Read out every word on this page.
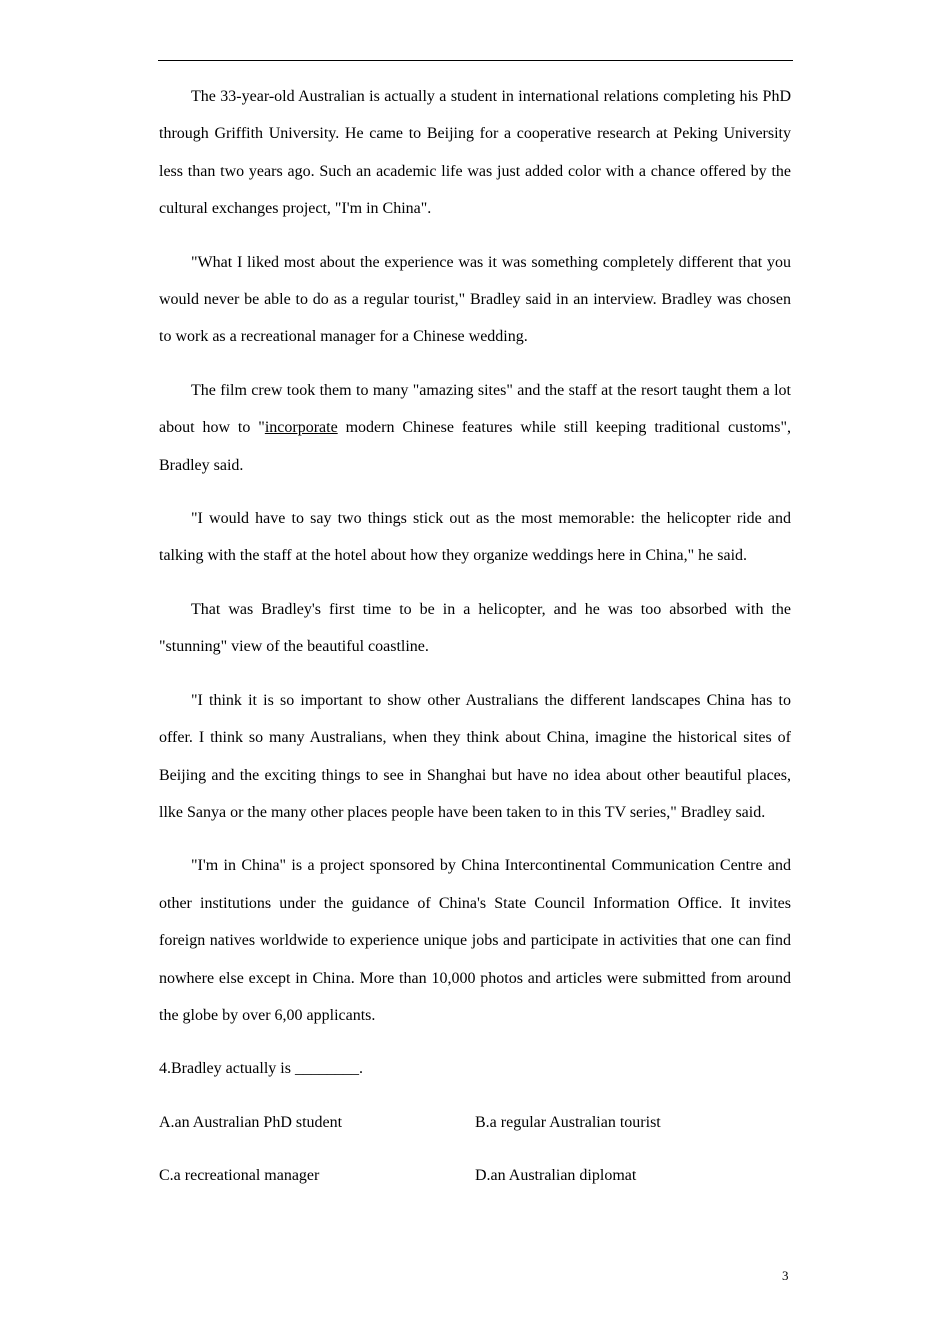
The 33-year-old Australian is actually a student in international relations completing his PhD through Griffith University. He came to Beijing for a cooperative research at Peking University less than two years ago. Such an academic life was just added color with a chance offered by the cultural exchanges project, "I'm in China".

"What I liked most about the experience was it was something completely different that you would never be able to do as a regular tourist," Bradley said in an interview. Bradley was chosen to work as a recreational manager for a Chinese wedding.

The film crew took them to many "amazing sites" and the staff at the resort taught them a lot about how to "incorporate modern Chinese features while still keeping traditional customs", Bradley said.

"I would have to say two things stick out as the most memorable: the helicopter ride and talking with the staff at the hotel about how they organize weddings here in China," he said.

That was Bradley's first time to be in a helicopter, and he was too absorbed with the "stunning" view of the beautiful coastline.

"I think it is so important to show other Australians the different landscapes China has to offer. I think so many Australians, when they think about China, imagine the historical sites of Beijing and the exciting things to see in Shanghai but have no idea about other beautiful places, llke Sanya or the many other places people have been taken to in this TV series," Bradley said.

"I'm in China" is a project sponsored by China Intercontinental Communication Centre and other institutions under the guidance of China's State Council Information Office. It invites foreign natives worldwide to experience unique jobs and participate in activities that one can find nowhere else except in China. More than 10,000 photos and articles were submitted from around the globe by over 6,00 applicants.

4.Bradley actually is ________.
A.an Australian PhD student	B.a regular Australian tourist
C.a recreational manager	D.an Australian diplomat
3
